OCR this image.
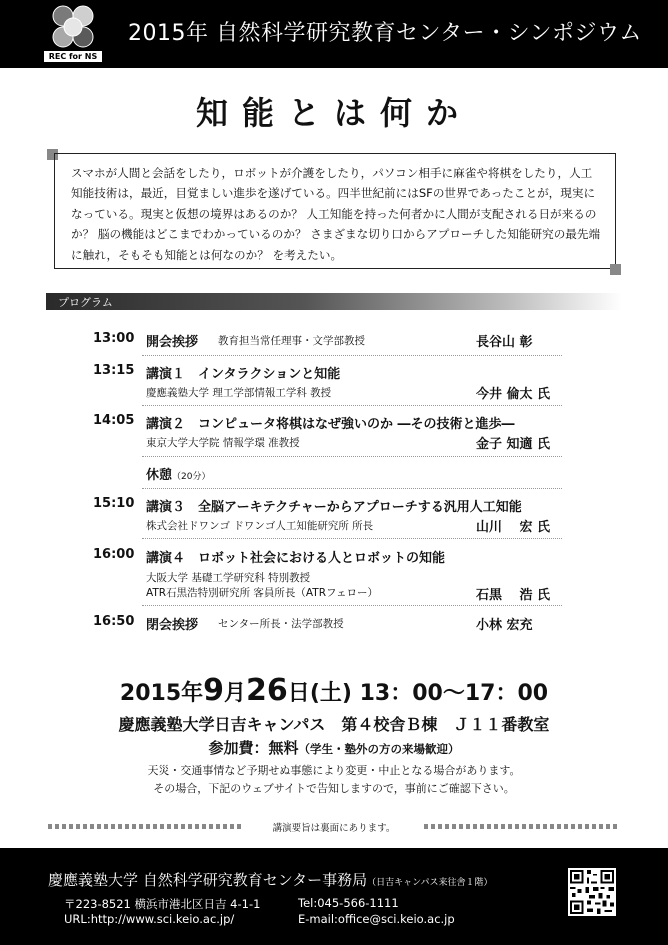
REC for NS
2015年 自然科学研究教育センター・シンポジウム
知能とは何か
スマホが人間と会話をしたり，ロボットが介護をしたり，パソコン相手に麻雀や将棋をしたり，人工知能技術は，最近，目覚ましい進歩を遂げている。四半世紀前にはSFの世界であったことが，現実になっている。現実と仮想の境界はあるのか？ 人工知能を持った何者かに人間が支配される日が来るのか？ 脳の機能はどこまでわかっているのか？ さまざまな切り口からアプローチした知能研究の最先端に触れ，そもそも知能とは何なのか？ を考えたい。
プログラム
13:00 開会挨拶 教育担当常任理事・文学部教授	長谷山 彰
13:15 講演１　インタラクションと知能
慶應義塾大学 理工学部情報工学科 教授	今井 倫太 氏
14:05 講演２　コンピュータ将棋はなぜ強いのか ―その技術と進歩―
東京大学大学院 情報学環 准教授	金子 知適 氏
休憩（20分）
15:10 講演３　全脳アーキテクチャーからアプローチする汎用人工知能
株式会社ドワンゴ ドワンゴ人工知能研究所 所長	山川　 宏 氏
16:00 講演４　ロボット社会における人とロボットの知能
大阪大学 基礎工学研究科 特別教授
ATR石黒浩特別研究所 客員所長（ATRフェロー）	石黒　 浩 氏
16:50 閉会挨拶 センター所長・法学部教授	小林 宏充
2015年9月26日(土) 13：00〜17：00
慶應義塾大学日吉キャンパス　第４校舎Ｂ棟　Ｊ１１番教室
参加費：無料（学生・塾外の方の来場歓迎）
天災・交通事情など予期せぬ事態により変更・中止となる場合があります。
その場合，下記のウェブサイトで告知しますので，事前にご確認下さい。
講演要旨は裏面にあります。
慶應義塾大学 自然科学研究教育センター事務局（日吉キャンパス来往舎１階）
〒223-8521 横浜市港北区日吉 4-1-1	Tel:045-566-1111
URL:http://www.sci.keio.ac.jp/	E-mail:office@sci.keio.ac.jp
